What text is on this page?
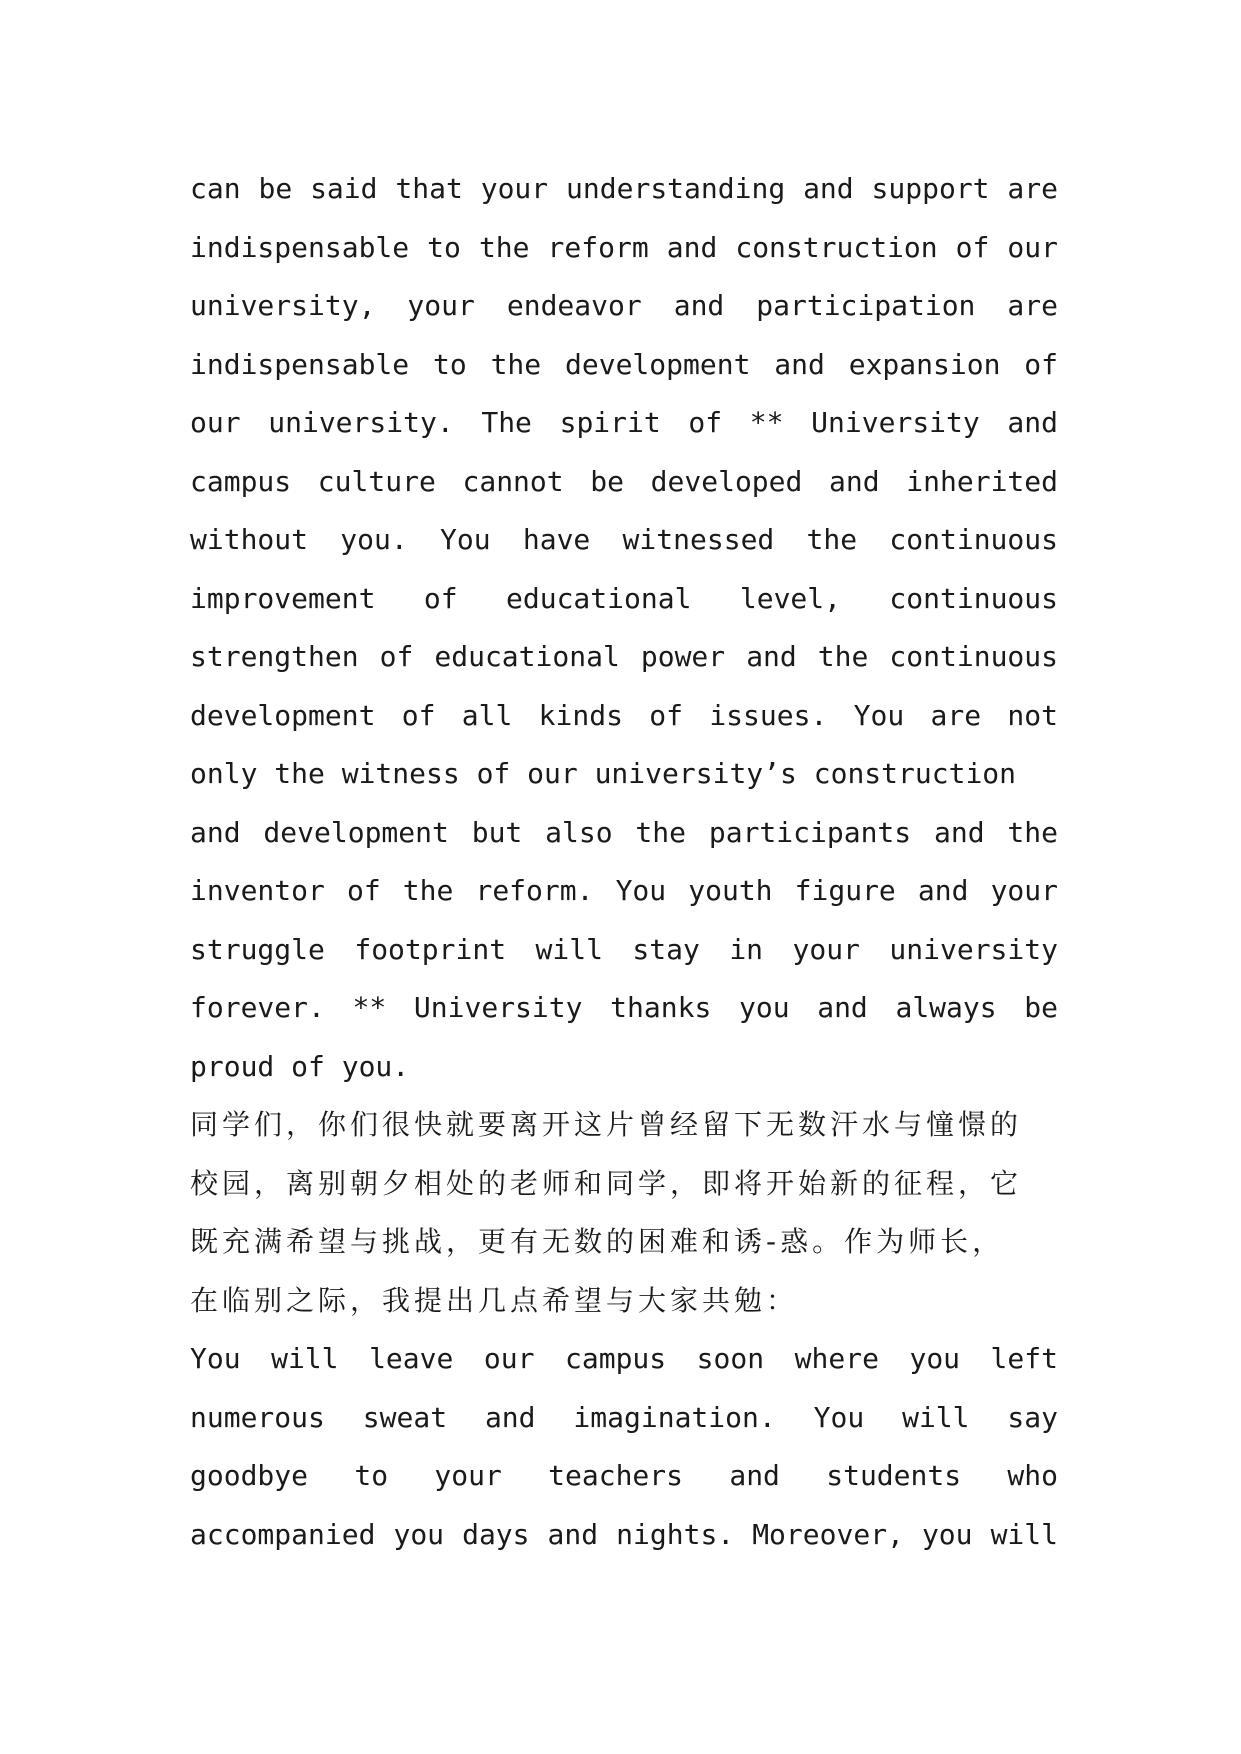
can be said that your understanding and support are
indispensable to the reform and construction of our
university, your endeavor and participation are
indispensable to the development and expansion of
our university. The spirit of ** University and
campus culture cannot be developed and inherited
without you. You have witnessed the continuous
improvement of educational level, continuous
strengthen of educational power and the continuous
development of all kinds of issues. You are not
only the witness of our university’s construction
and development but also the participants and the
inventor of the reform. You youth figure and your
struggle footprint will stay in your university
forever. ** University thanks you and always be
proud of you.
同学们，你们很快就要离开这片曾经留下无数汗水与憧憬的
校园，离别朝夕相处的老师和同学，即将开始新的征程，它
既充满希望与挑战，更有无数的困难和诱-惑。作为师长，
在临别之际，我提出几点希望与大家共勉：
You will leave our campus soon where you left
numerous sweat and imagination. You will say
goodbye to your teachers and students who
accompanied you days and nights. Moreover, you will
